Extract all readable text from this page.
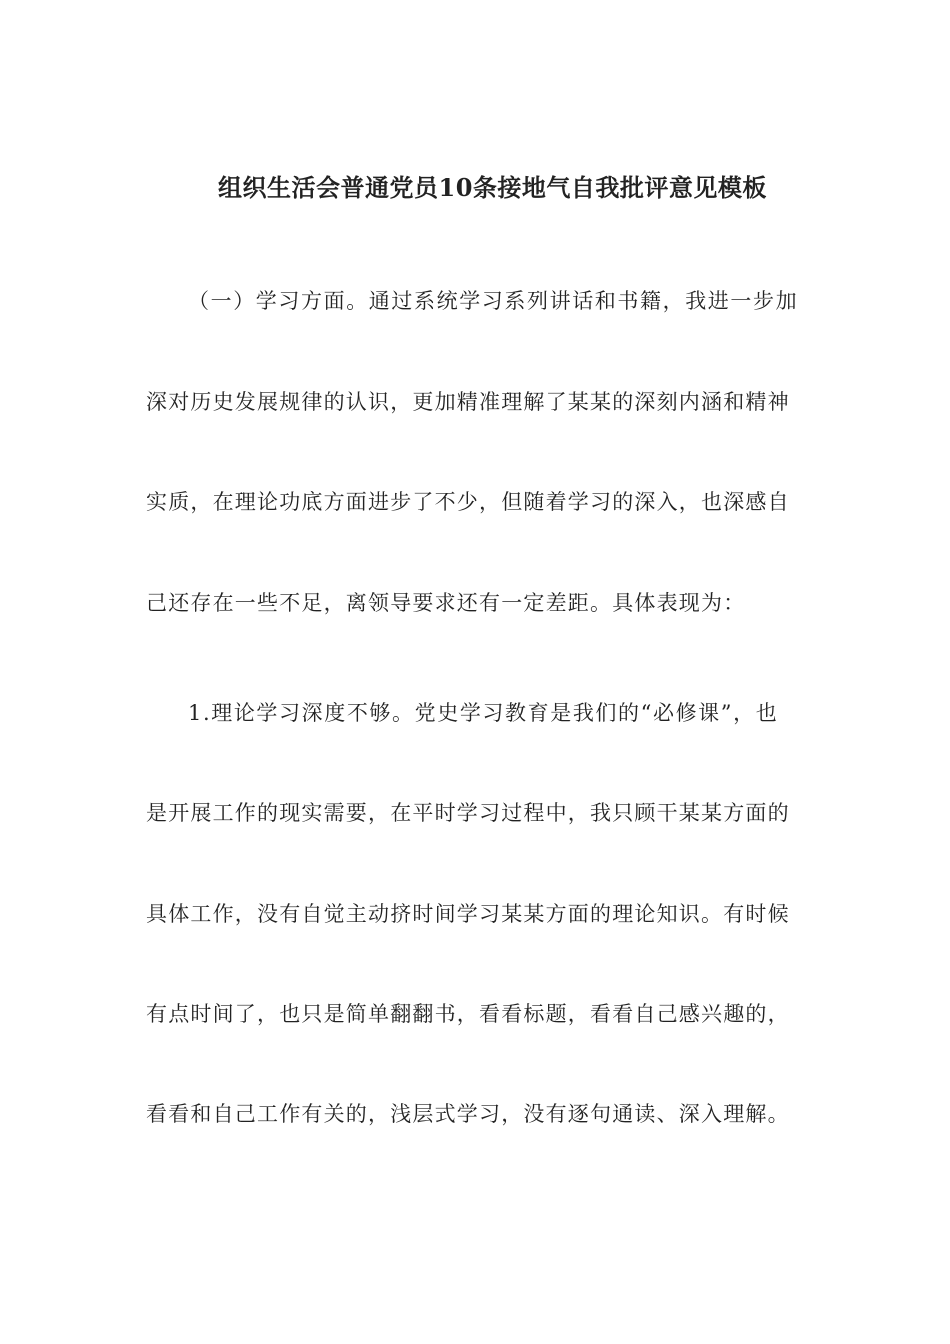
组织生活会普通党员10条接地气自我批评意见模板

（一）学习方面。通过系统学习系列讲话和书籍，我进一步加

深对历史发展规律的认识，更加精准理解了某某的深刻内涵和精神

实质，在理论功底方面进步了不少，但随着学习的深入，也深感自

己还存在一些不足，离领导要求还有一定差距。具体表现为：

1.理论学习深度不够。党史学习教育是我们的“必修课”，也

是开展工作的现实需要，在平时学习过程中，我只顾干某某方面的

具体工作，没有自觉主动挤时间学习某某方面的理论知识。有时候

有点时间了，也只是简单翻翻书，看看标题，看看自己感兴趣的，

看看和自己工作有关的，浅层式学习，没有逐句通读、深入理解。
